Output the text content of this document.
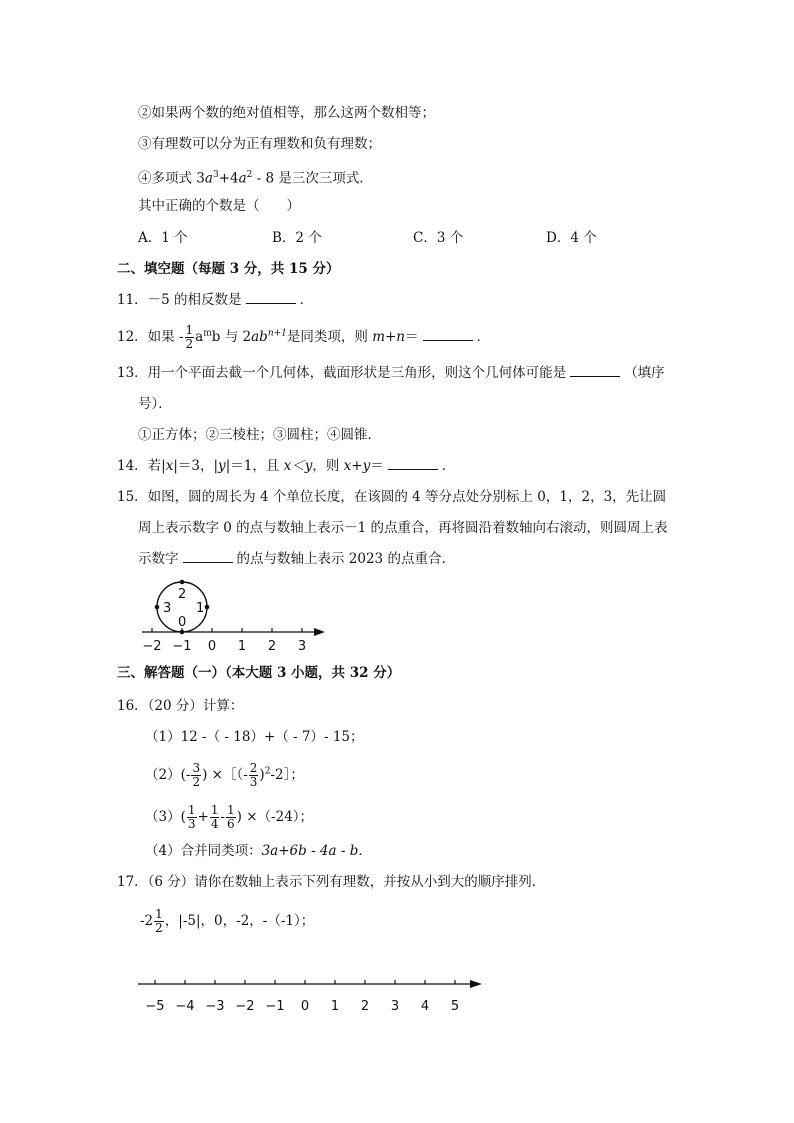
②如果两个数的绝对值相等，那么这两个数相等；
③有理数可以分为正有理数和负有理数；
④多项式 $3a^3+4a^2 - 8$ 是三次三项式．
其中正确的个数是（　　）
A．1 个	B．2 个	C．3 个	D．4 个
二、填空题（每题 3 分，共 15 分）
11．－5 的相反数是	．
12．如果 - $\frac{1}{2} a^mb$ 与 $2ab^{n+1}$是同类项，则 m+n＝	．
13．用一个平面去截一个几何体，截面形状是三角形，则这个几何体可能是	（填序
号）．
①正方体；②三棱柱；③圆柱；④圆锥．
14．若|x|＝3，|y|＝1，且 x＜y，则 x+y＝	．
15．如图，圆的周长为 4 个单位长度，在该圆的 4 等分点处分别标上 0，1，2，3，先让圆
周上表示数字 0 的点与数轴上表示－1 的点重合，再将圆沿着数轴向右滚动，则圆周上表
示数字	的点与数轴上表示 2023 的点重合．
2
3 1
0
−2 −1 0 1 2 3
三、解答题（一）（本大题 3 小题，共 32 分）
16．（20 分）计算：
（1）12 -（ - 18）+（ - 7）- 15；
$(2)(- \frac{3}{2}$ ) ×［（- $\frac{2}{3}$ )$^2$-2］；
$(3)( \frac{1}{3} + \frac{1}{4} - \frac{1}{6}$ ) ×（-24）；
（4）合并同类项：3a+6b - 4a - b．
17．（6 分）请你在数轴上表示下列有理数，并按从小到大的顺序排列．
$-2 \frac{1}{2}$ ，|-5|，0，-2，-（-1）；
−5 −4 −3 −2 −1 0 1 2 3 4 5
